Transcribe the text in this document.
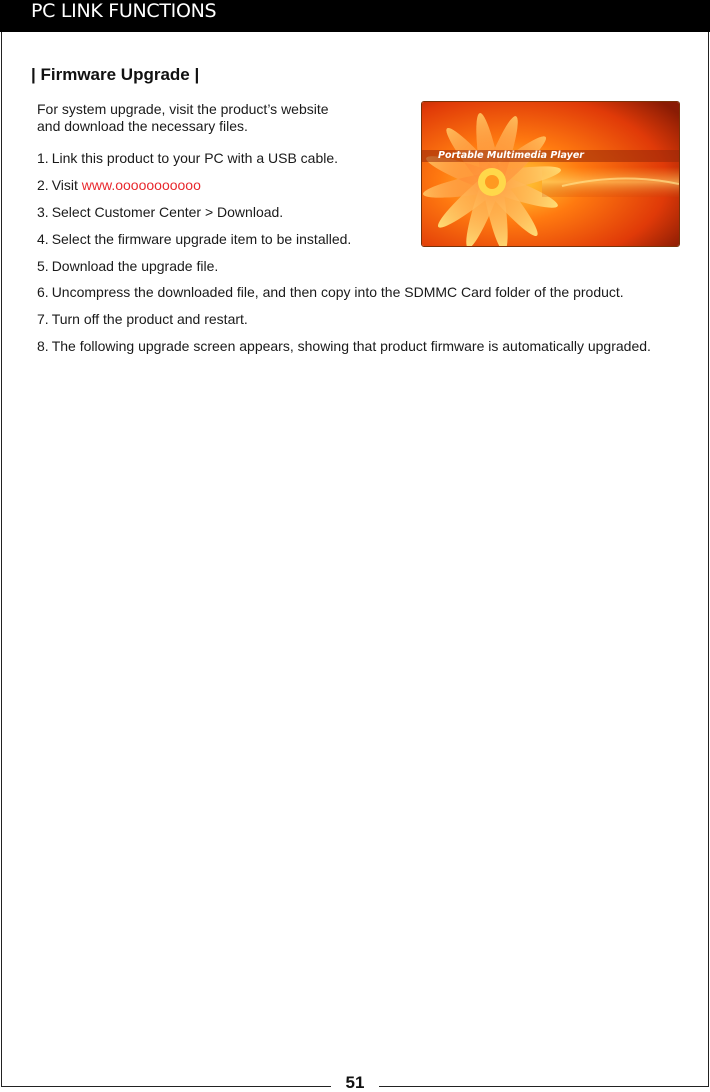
PC LINK FUNCTIONS
| Firmware Upgrade |
For system upgrade, visit the product’s website
and download the necessary files.
1. Link this product to your PC with a USB cable.
2. Visit www.ooooooooooo
3. Select Customer Center > Download.
4. Select the firmware upgrade item to be installed.
5. Download the upgrade file.
6. Uncompress the downloaded file, and then copy into the SDMMC Card folder of the product.
7. Turn off the product and restart.
8. The following upgrade screen appears, showing that product firmware is automatically upgraded.
Portable Multimedia Player
51
